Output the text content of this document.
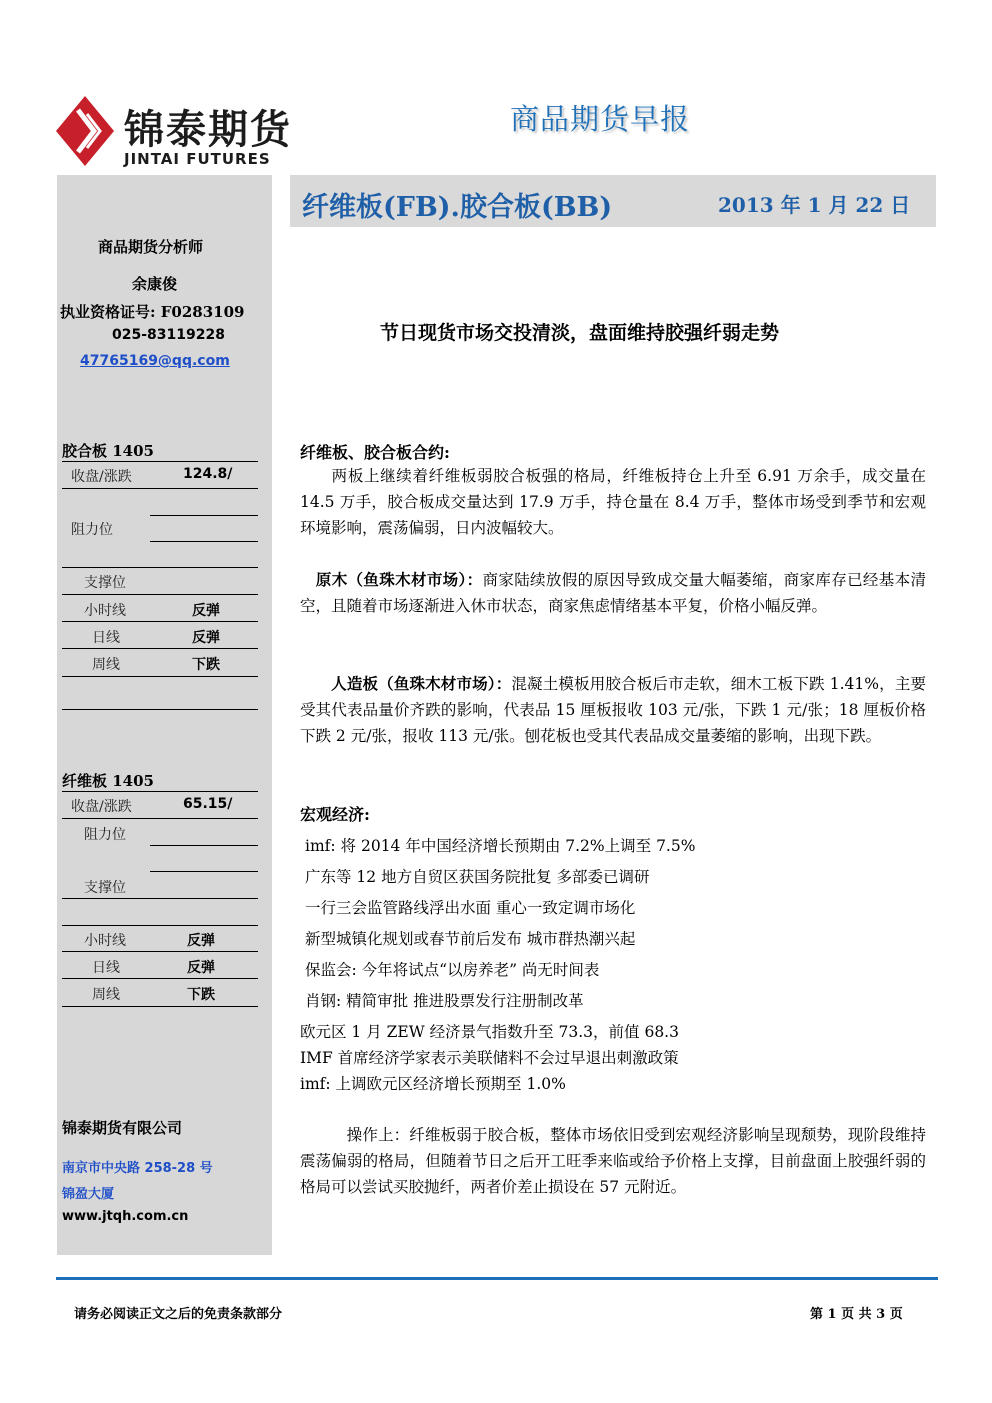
锦泰期货
JINTAI FUTURES
商品期货早报
纤维板(FB).胶合板(BB)	2013 年 1 月 22 日
商品期货分析师
余康俊
执业资格证号: F0283109
025-83119228
47765169@qq.com
胶合板 1405
收盘/涨跌	124.8/
阻力位
支撑位
小时线	反弹
日线	反弹
周线	下跌
纤维板 1405
收盘/涨跌	65.15/
阻力位
支撑位
小时线	反弹
日线	反弹
周线	下跌
锦泰期货有限公司
南京市中央路 258-28 号
锦盈大厦
www.jtqh.com.cn
节日现货市场交投清淡，盘面维持胶强纤弱走势
纤维板、胶合板合约:
两板上继续着纤维板弱胶合板强的格局，纤维板持仓上升至 6.91 万余手，成交量在 14.5 万手，胶合板成交量达到 17.9 万手，持仓量在 8.4 万手，整体市场受到季节和宏观环境影响，震荡偏弱，日内波幅较大。
原木（鱼珠木材市场）：商家陆续放假的原因导致成交量大幅萎缩，商家库存已经基本清空，且随着市场逐渐进入休市状态，商家焦虑情绪基本平复，价格小幅反弹。
人造板（鱼珠木材市场）：混凝土模板用胶合板后市走软，细木工板下跌 1.41%，主要受其代表品量价齐跌的影响，代表品 15 厘板报收 103 元/张，下跌 1 元/张；18 厘板价格下跌 2 元/张，报收 113 元/张。刨花板也受其代表品成交量萎缩的影响，出现下跌。
宏观经济:
imf: 将 2014 年中国经济增长预期由 7.2%上调至 7.5%
广东等 12 地方自贸区获国务院批复 多部委已调研
一行三会监管路线浮出水面 重心一致定调市场化
新型城镇化规划或春节前后发布 城市群热潮兴起
保监会: 今年将试点“以房养老” 尚无时间表
肖钢: 精简审批 推进股票发行注册制改革
欧元区 1 月 ZEW 经济景气指数升至 73.3，前值 68.3
IMF 首席经济学家表示美联储料不会过早退出刺激政策
imf: 上调欧元区经济增长预期至 1.0%
操作上：纤维板弱于胶合板，整体市场依旧受到宏观经济影响呈现颓势，现阶段维持震荡偏弱的格局，但随着节日之后开工旺季来临或给予价格上支撑，目前盘面上胶强纤弱的格局可以尝试买胶抛纤，两者价差止损设在 57 元附近。
请务必阅读正文之后的免责条款部分	第 1 页 共 3 页
